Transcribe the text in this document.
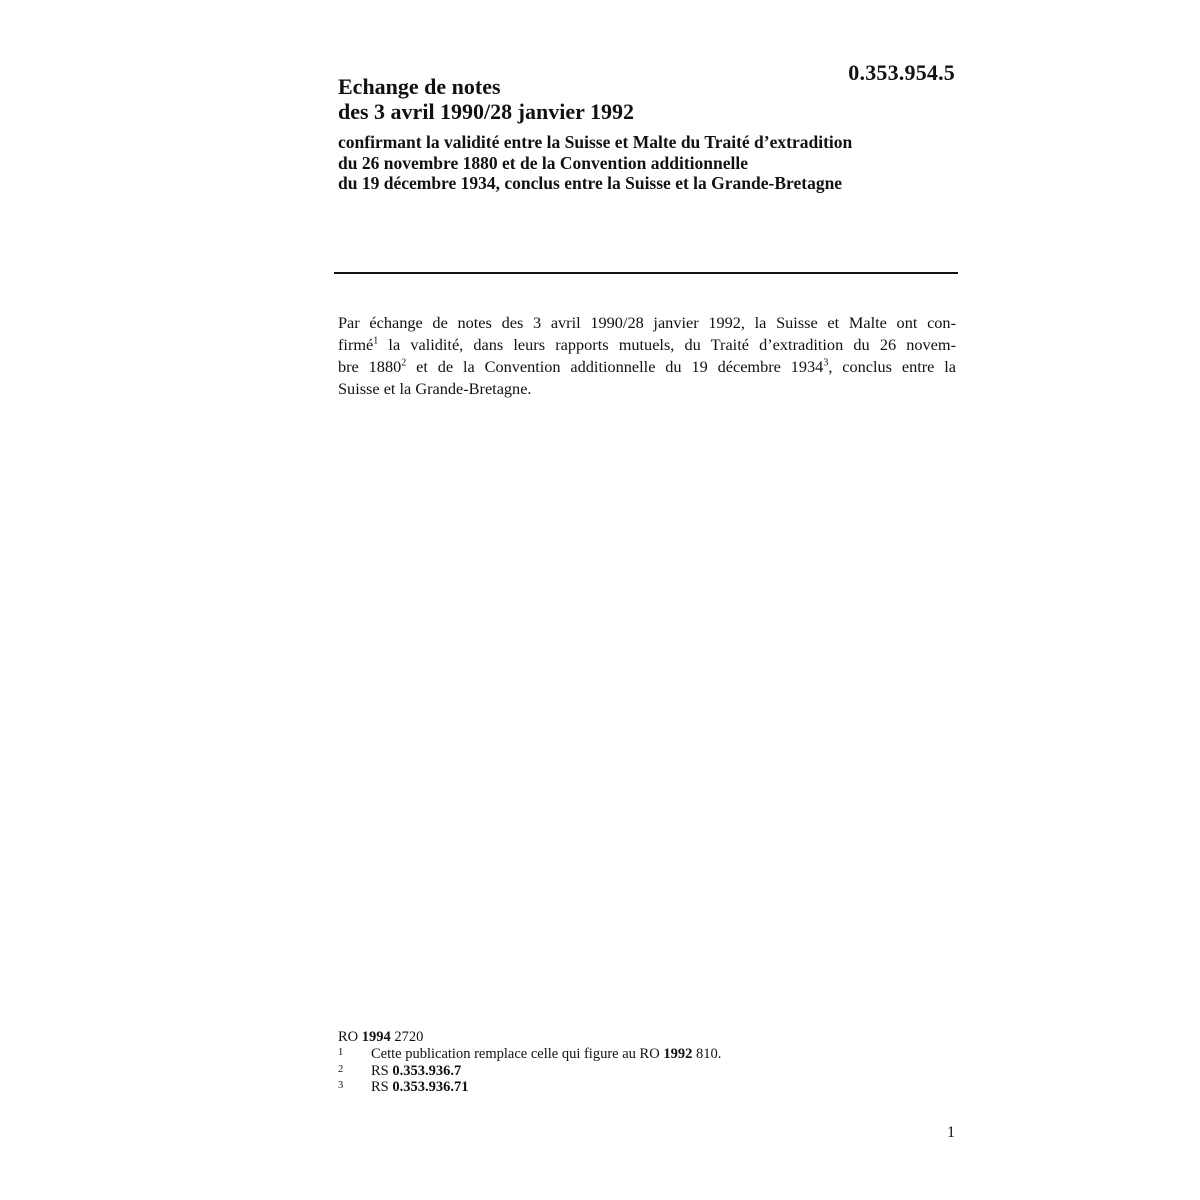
0.353.954.5
Echange de notes
des 3 avril 1990/28 janvier 1992
confirmant la validité entre la Suisse et Malte du Traité d’extradition
du 26 novembre 1880 et de la Convention additionnelle
du 19 décembre 1934, conclus entre la Suisse et la Grande-Bretagne
Par échange de notes des 3 avril 1990/28 janvier 1992, la Suisse et Malte ont con-
firmé$^1$ la validité, dans leurs rapports mutuels, du Traité d’extradition du 26 novem-
bre 1880$^2$ et de la Convention additionnelle du 19 décembre 1934$^3$, conclus entre la
Suisse et la Grande-Bretagne.
RO 1994 2720
1	Cette publication remplace celle qui figure au RO 1992 810.
2	RS 0.353.936.7
3	RS 0.353.936.71
1
